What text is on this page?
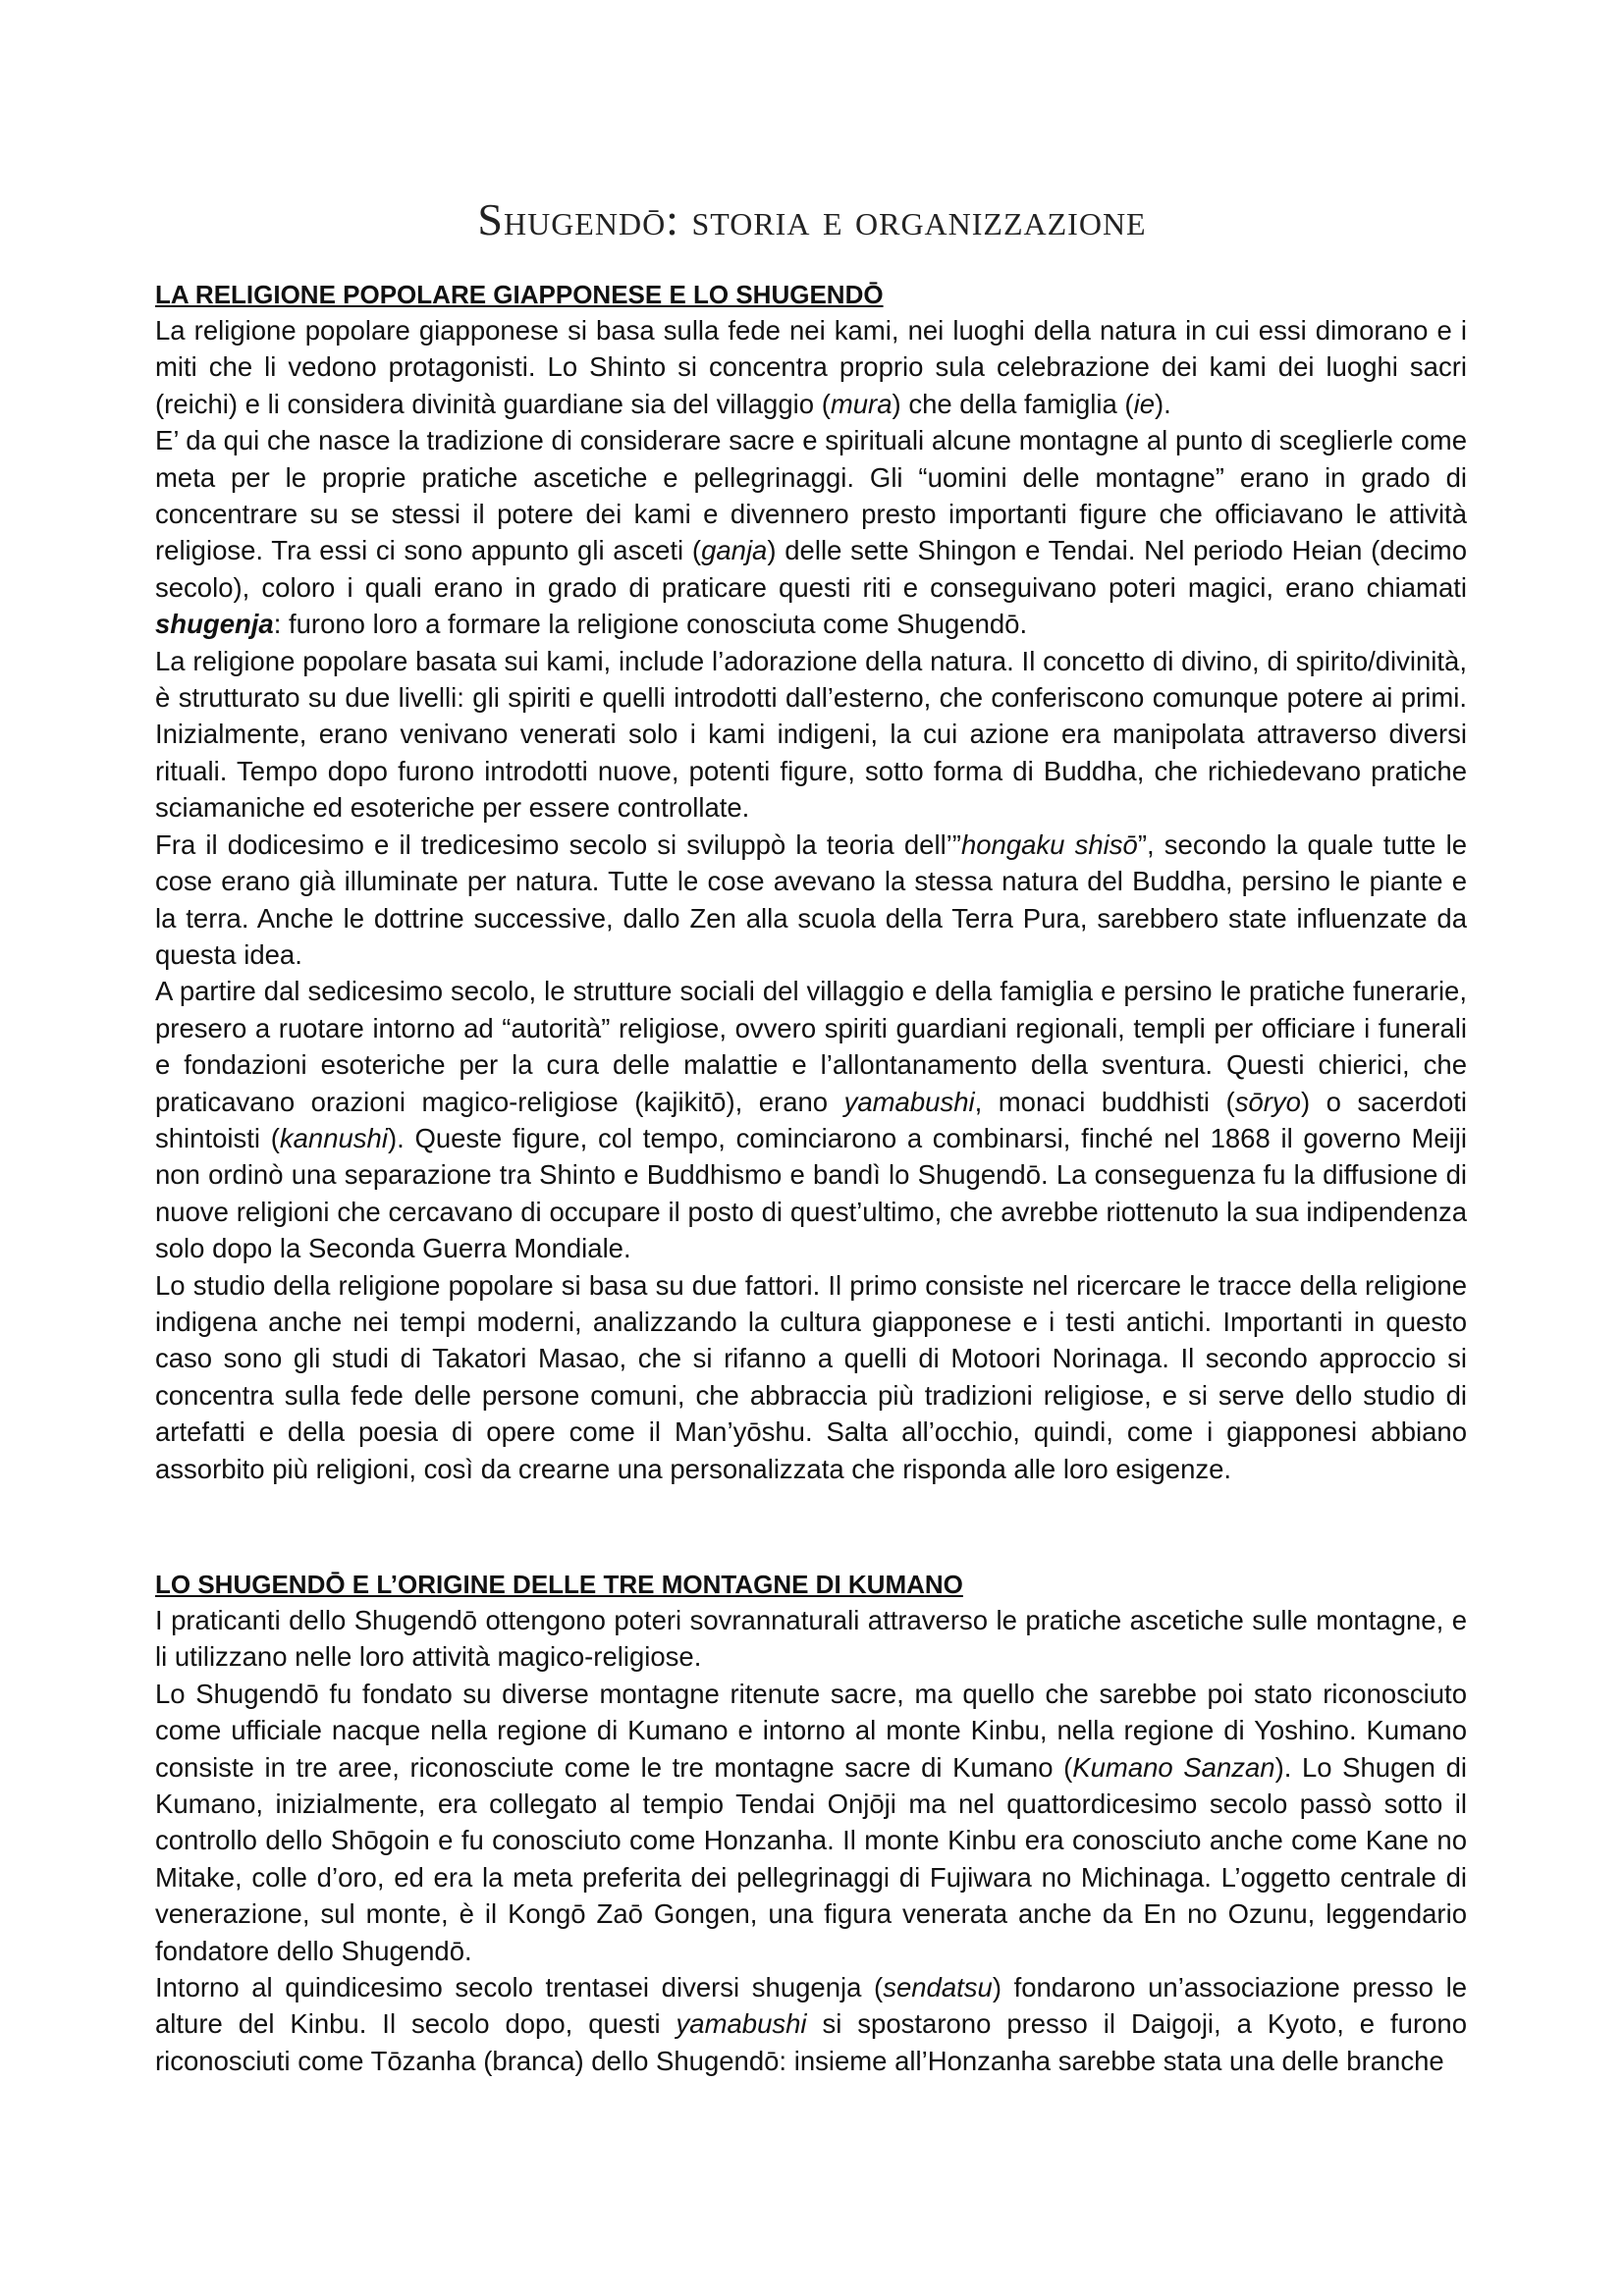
Shugendō: storia e organizzazione
LA RELIGIONE POPOLARE GIAPPONESE E LO SHUGENDŌ

La religione popolare giapponese si basa sulla fede nei kami, nei luoghi della natura in cui essi dimorano e i miti che li vedono protagonisti. Lo Shinto si concentra proprio sula celebrazione dei kami dei luoghi sacri (reichi) e li considera divinità guardiane sia del villaggio (mura) che della famiglia (ie).

E’ da qui che nasce la tradizione di considerare sacre e spirituali alcune montagne al punto di sceglierle come meta per le proprie pratiche ascetiche e pellegrinaggi. Gli “uomini delle montagne” erano in grado di concentrare su se stessi il potere dei kami e divennero presto importanti figure che officiavano le attività religiose. Tra essi ci sono appunto gli asceti (ganja) delle sette Shingon e Tendai. Nel periodo Heian (decimo secolo), coloro i quali erano in grado di praticare questi riti e conseguivano poteri magici, erano chiamati shugenja: furono loro a formare la religione conosciuta come Shugendō.

La religione popolare basata sui kami, include l’adorazione della natura. Il concetto di divino, di spirito/divinità, è strutturato su due livelli: gli spiriti e quelli introdotti dall’esterno, che conferiscono comunque potere ai primi. Inizialmente, erano venivano venerati solo i kami indigeni, la cui azione era manipolata attraverso diversi rituali. Tempo dopo furono introdotti nuove, potenti figure, sotto forma di Buddha, che richiedevano pratiche sciamaniche ed esoteriche per essere controllate.

Fra il dodicesimo e il tredicesimo secolo si sviluppò la teoria dell’”hongaku shisō”, secondo la quale tutte le cose erano già illuminate per natura. Tutte le cose avevano la stessa natura del Buddha, persino le piante e la terra. Anche le dottrine successive, dallo Zen alla scuola della Terra Pura, sarebbero state influenzate da questa idea.

A partire dal sedicesimo secolo, le strutture sociali del villaggio e della famiglia e persino le pratiche funerarie, presero a ruotare intorno ad “autorità” religiose, ovvero spiriti guardiani regionali, templi per officiare i funerali e fondazioni esoteriche per la cura delle malattie e l’allontanamento della sventura. Questi chierici, che praticavano orazioni magico-religiose (kajikitō), erano yamabushi, monaci buddhisti (sōryo) o sacerdoti shintoisti (kannushi). Queste figure, col tempo, cominciarono a combinarsi, finché nel 1868 il governo Meiji non ordinò una separazione tra Shinto e Buddhismo e bandì lo Shugendō. La conseguenza fu la diffusione di nuove religioni che cercavano di occupare il posto di quest’ultimo, che avrebbe riottenuto la sua indipendenza solo dopo la Seconda Guerra Mondiale.

Lo studio della religione popolare si basa su due fattori. Il primo consiste nel ricercare le tracce della religione indigena anche nei tempi moderni, analizzando la cultura giapponese e i testi antichi. Importanti in questo caso sono gli studi di Takatori Masao, che si rifanno a quelli di Motoori Norinaga. Il secondo approccio si concentra sulla fede delle persone comuni, che abbraccia più tradizioni religiose, e si serve dello studio di artefatti e della poesia di opere come il Man’yōshu. Salta all’occhio, quindi, come i giapponesi abbiano assorbito più religioni, così da crearne una personalizzata che risponda alle loro esigenze.

LO SHUGENDŌ E L’ORIGINE DELLE TRE MONTAGNE DI KUMANO

I praticanti dello Shugendō ottengono poteri sovrannaturali attraverso le pratiche ascetiche sulle montagne, e li utilizzano nelle loro attività magico-religiose.

Lo Shugendō fu fondato su diverse montagne ritenute sacre, ma quello che sarebbe poi stato riconosciuto come ufficiale nacque nella regione di Kumano e intorno al monte Kinbu, nella regione di Yoshino. Kumano consiste in tre aree, riconosciute come le tre montagne sacre di Kumano (Kumano Sanzan). Lo Shugen di Kumano, inizialmente, era collegato al tempio Tendai Onjōji ma nel quattordicesimo secolo passò sotto il controllo dello Shōgoin e fu conosciuto come Honzanha. Il monte Kinbu era conosciuto anche come Kane no Mitake, colle d’oro, ed era la meta preferita dei pellegrinaggi di Fujiwara no Michinaga. L’oggetto centrale di venerazione, sul monte, è il Kongō Zaō Gongen, una figura venerata anche da En no Ozunu, leggendario fondatore dello Shugendō.

Intorno al quindicesimo secolo trentasei diversi shugenja (sendatsu) fondarono un’associazione presso le alture del Kinbu. Il secolo dopo, questi yamabushi si spostarono presso il Daigoji, a Kyoto, e furono riconosciuti come Tōzanha (branca) dello Shugendō: insieme all’Honzanha sarebbe stata una delle branche
